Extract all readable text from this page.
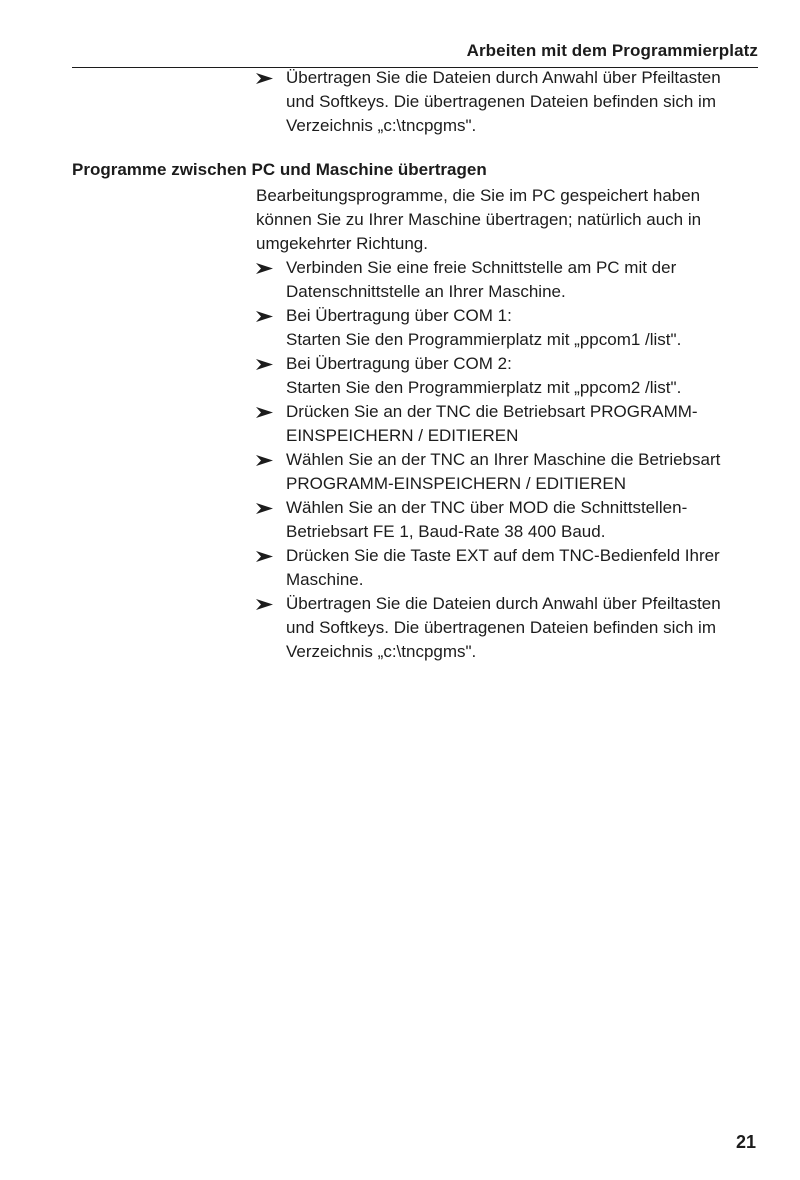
Arbeiten mit dem Programmierplatz
Übertragen Sie die Dateien durch Anwahl über Pfeiltasten
und Softkeys. Die übertragenen Dateien befinden sich im
Verzeichnis „c:\tncpgms".
Programme zwischen PC und Maschine übertragen

Bearbeitungsprogramme, die Sie im PC gespeichert haben
können Sie zu Ihrer Maschine übertragen; natürlich auch in
umgekehrter Richtung.

Verbinden Sie eine freie Schnittstelle am PC mit der
Datenschnittstelle an Ihrer Maschine.
Bei Übertragung über COM 1:
Starten Sie den Programmierplatz mit „ppcom1 /list".
Bei Übertragung über COM 2:
Starten Sie den Programmierplatz mit „ppcom2 /list".
Drücken Sie an der TNC die Betriebsart PROGRAMM-
EINSPEICHERN / EDITIEREN
Wählen Sie an der TNC an Ihrer Maschine die Betriebsart
PROGRAMM-EINSPEICHERN / EDITIEREN
Wählen Sie an der TNC über MOD die Schnittstellen-
Betriebsart FE 1, Baud-Rate 38 400 Baud.
Drücken Sie die Taste EXT auf dem TNC-Bedienfeld Ihrer
Maschine.
Übertragen Sie die Dateien durch Anwahl über Pfeiltasten
und Softkeys. Die übertragenen Dateien befinden sich im
Verzeichnis „c:\tncpgms".
21
